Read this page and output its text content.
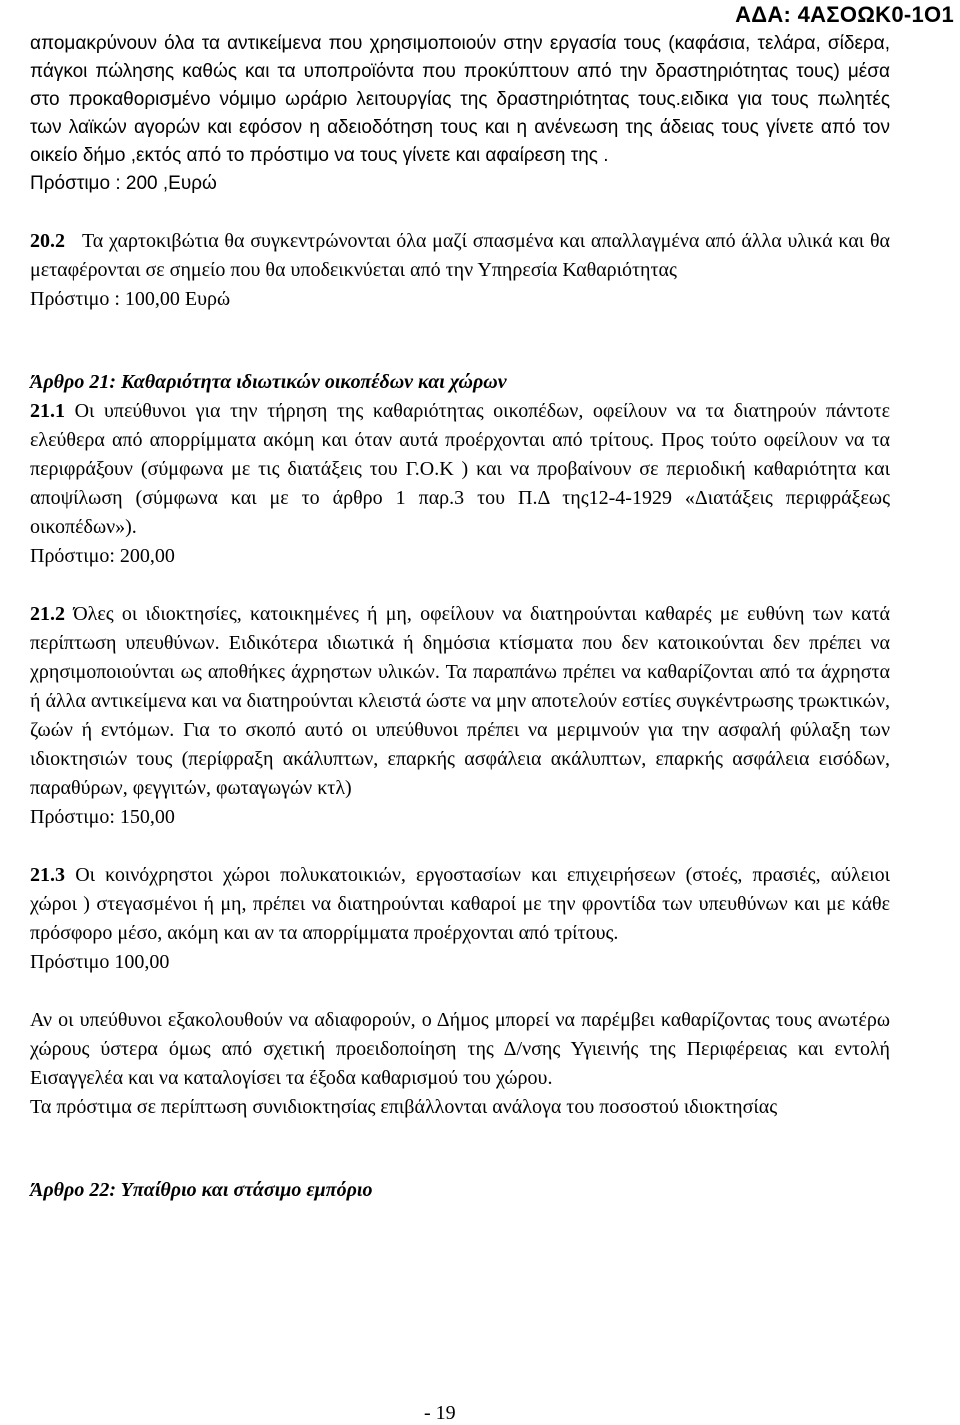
ΑΔΑ: 4ΑΣΟΩΚ0-1Ο1

απομακρύνουν όλα τα αντικείμενα που χρησιμοποιούν στην εργασία τους (καφάσια, τελάρα, σίδερα, πάγκοι πώλησης καθώς και τα υποπροϊόντα που προκύπτουν από την δραστηριότητας τους) μέσα στο προκαθορισμένο νόμιμο ωράριο λειτουργίας της δραστηριότητας τους.ειδικα για τους πωλητές των λαϊκών αγορών και εφόσον η αδειοδότηση τους και η ανένεωση της άδειας τους γίνετε από τον οικείο δήμο ,εκτός από το πρόστιμο να τους γίνετε και αφαίρεση της .

Πρόστιμο : 200 ,Ευρώ

20.2 Τα χαρτοκιβώτια θα συγκεντρώνονται όλα μαζί σπασμένα και απαλλαγμένα από άλλα υλικά και θα μεταφέρονται σε σημείο που θα υποδεικνύεται από την Υπηρεσία Καθαριότητας

Πρόστιμο : 100,00 Ευρώ

Άρθρο 21: Καθαριότητα ιδιωτικών οικοπέδων και χώρων

21.1 Οι υπεύθυνοι για την τήρηση της καθαριότητας οικοπέδων, οφείλουν να τα διατηρούν πάντοτε ελεύθερα από απορρίμματα ακόμη και όταν αυτά προέρχονται από τρίτους. Προς τούτο οφείλουν να τα περιφράξουν (σύμφωνα με τις διατάξεις του Γ.Ο.Κ ) και να προβαίνουν σε περιοδική καθαριότητα και αποψίλωση (σύμφωνα και με το άρθρο 1 παρ.3 του Π.Δ της12-4-1929 «Διατάξεις περιφράξεως οικοπέδων»).

Πρόστιμο: 200,00

21.2 Όλες οι ιδιοκτησίες, κατοικημένες ή μη, οφείλουν να διατηρούνται καθαρές με ευθύνη των κατά περίπτωση υπευθύνων. Ειδικότερα ιδιωτικά ή δημόσια κτίσματα που δεν κατοικούνται δεν πρέπει να χρησιμοποιούνται ως αποθήκες άχρηστων υλικών. Τα παραπάνω πρέπει να καθαρίζονται από τα άχρηστα ή άλλα αντικείμενα και να διατηρούνται κλειστά ώστε να μην αποτελούν εστίες συγκέντρωσης τρωκτικών, ζωών ή εντόμων. Για το σκοπό αυτό οι υπεύθυνοι πρέπει να μεριμνούν για την ασφαλή φύλαξη των ιδιοκτησιών τους (περίφραξη ακάλυπτων, επαρκής ασφάλεια ακάλυπτων, επαρκής ασφάλεια εισόδων, παραθύρων, φεγγιτών, φωταγωγών κτλ)

Πρόστιμο: 150,00

21.3 Οι κοινόχρηστοι χώροι πολυκατοικιών, εργοστασίων και επιχειρήσεων (στοές, πρασιές, αύλειοι χώροι ) στεγασμένοι ή μη, πρέπει να διατηρούνται καθαροί με την φροντίδα των υπευθύνων και με κάθε πρόσφορο μέσο, ακόμη και αν τα απορρίμματα προέρχονται από τρίτους.

Πρόστιμο 100,00

Αν οι υπεύθυνοι εξακολουθούν να αδιαφορούν, ο Δήμος μπορεί να παρέμβει καθαρίζοντας τους ανωτέρω χώρους ύστερα όμως από σχετική προειδοποίηση της Δ/νσης Υγιεινής της Περιφέρειας και εντολή Εισαγγελέα και να καταλογίσει τα έξοδα καθαρισμού του χώρου.

Τα πρόστιμα σε περίπτωση συνιδιοκτησίας επιβάλλονται ανάλογα του ποσοστού ιδιοκτησίας

Άρθρο 22: Υπαίθριο και στάσιμο εμπόριο

- 19
